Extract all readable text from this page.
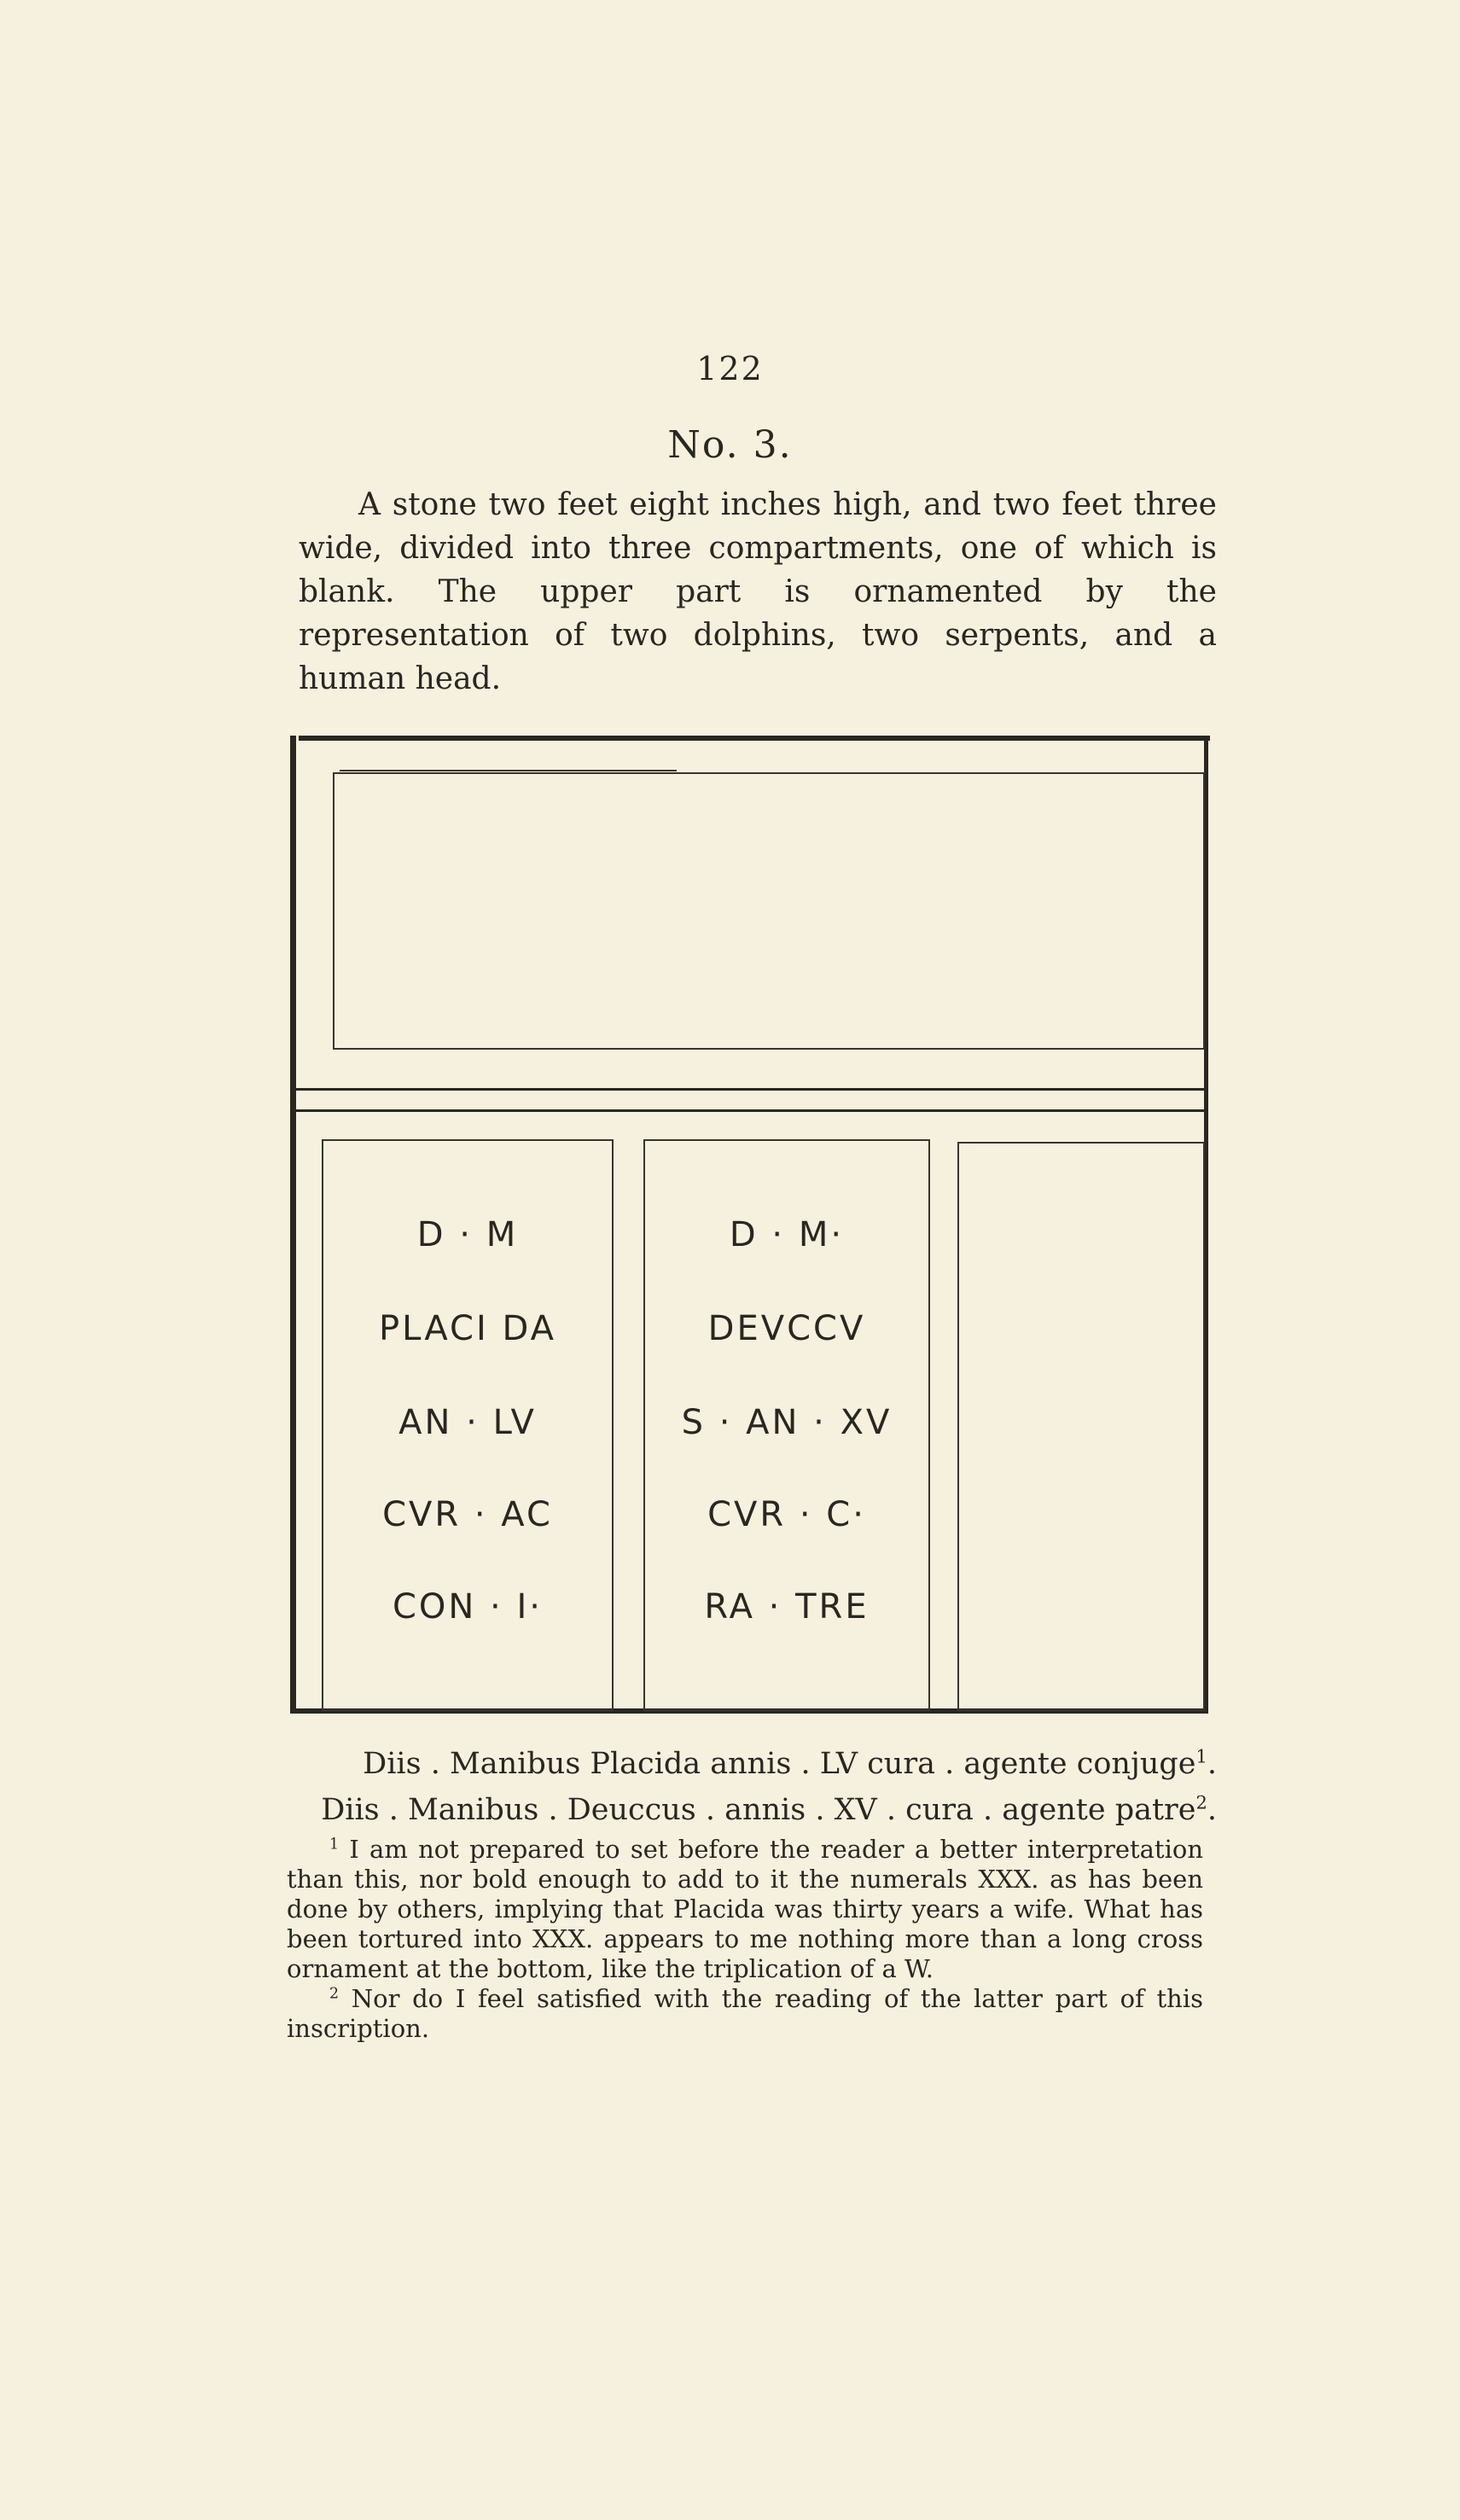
122
No. 3.
A stone two feet eight inches high, and two feet three wide, divided into three compartments, one of which is blank. The upper part is ornamented by the representation of two dolphins, two serpents, and a human head.
D · M
PLACI DA
AN · LV
CVR · AC
CON · I·
D · M·
DEVCCV
S · AN · XV
CVR · C·
RA · TRE
Diis . Manibus Placida annis . LV cura . agente conjuge$^1$.
Diis . Manibus . Deuccus . annis . XV . cura . agente patre$^2$.

$^1$ I am not prepared to set before the reader a better interpretation than this, nor bold enough to add to it the numerals XXX. as has been done by others, implying that Placida was thirty years a wife. What has been tortured into XXX. appears to me nothing more than a long cross ornament at the bottom, like the triplication of a W.

$^2$ Nor do I feel satisfied with the reading of the latter part of this inscription.
